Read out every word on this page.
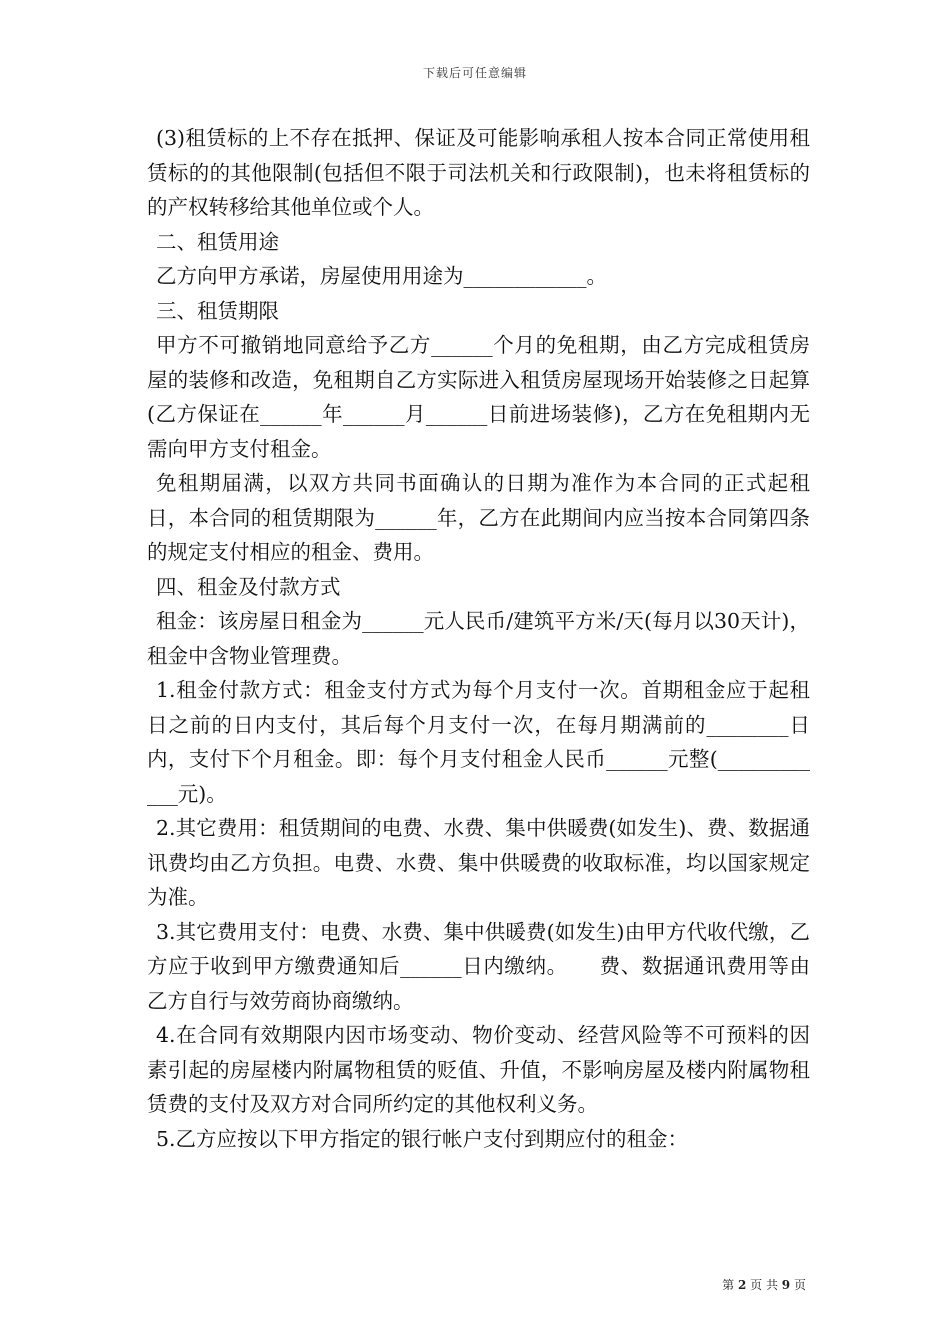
下载后可任意编辑

(3)租赁标的上不存在抵押、保证及可能影响承租人按本合同正常使用租赁标的的其他限制(包括但不限于司法机关和行政限制)，也未将租赁标的的产权转移给其他单位或个人。

二、租赁用途

乙方向甲方承诺，房屋使用用途为____________。

三、租赁期限

甲方不可撤销地同意给予乙方______个月的免租期，由乙方完成租赁房屋的装修和改造，免租期自乙方实际进入租赁房屋现场开始装修之日起算(乙方保证在______年______月______日前进场装修)，乙方在免租期内无需向甲方支付租金。

免租期届满，以双方共同书面确认的日期为准作为本合同的正式起租日，本合同的租赁期限为______年，乙方在此期间内应当按本合同第四条的规定支付相应的租金、费用。

四、租金及付款方式

租金：该房屋日租金为______元人民币/建筑平方米/天(每月以30天计)，租金中含物业管理费。

1.租金付款方式：租金支付方式为每个月支付一次。首期租金应于起租日之前的日内支付，其后每个月支付一次，在每月期满前的________日内，支付下个月租金。即：每个月支付租金人民币______元整(____________元)。

2.其它费用：租赁期间的电费、水费、集中供暖费(如发生)、费、数据通讯费均由乙方负担。电费、水费、集中供暖费的收取标准，均以国家规定为准。

3.其它费用支付：电费、水费、集中供暖费(如发生)由甲方代收代缴，乙方应于收到甲方缴费通知后______日内缴纳。　　费、数据通讯费用等由乙方自行与效劳商协商缴纳。

4.在合同有效期限内因市场变动、物价变动、经营风险等不可预料的因素引起的房屋楼内附属物租赁的贬值、升值，不影响房屋及楼内附属物租赁费的支付及双方对合同所约定的其他权利义务。

5.乙方应按以下甲方指定的银行帐户支付到期应付的租金：

第 2 页 共 9 页
